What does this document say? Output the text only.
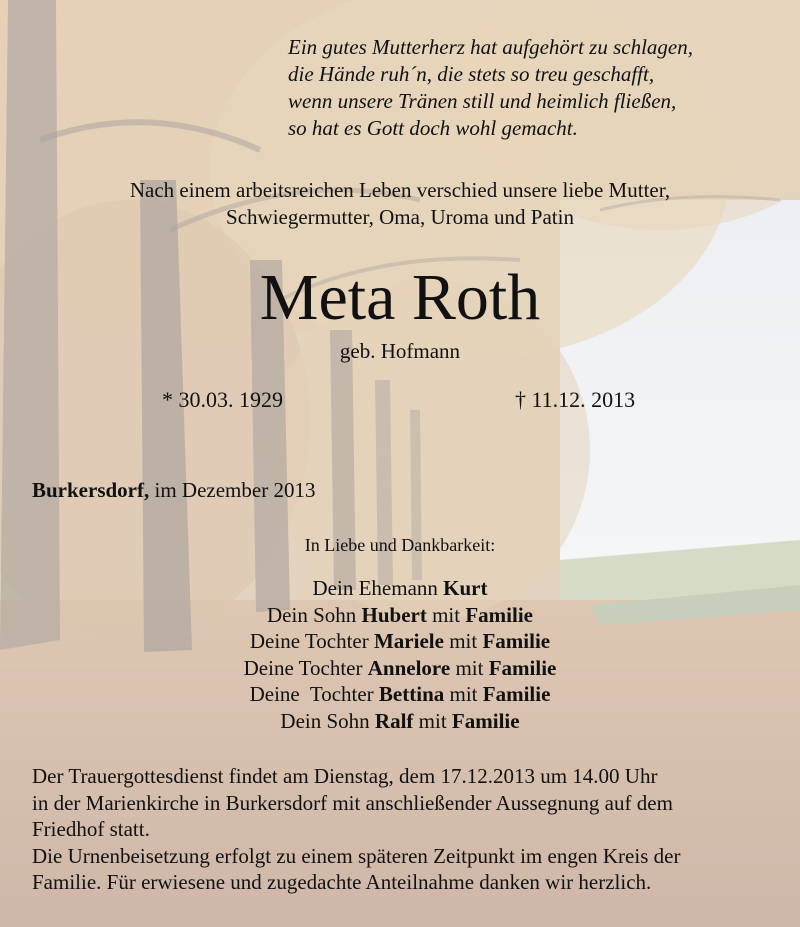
Ein gutes Mutterherz hat aufgehört zu schlagen,
die Hände ruh´n, die stets so treu geschafft,
wenn unsere Tränen still und heimlich fließen,
so hat es Gott doch wohl gemacht.
Nach einem arbeitsreichen Leben verschied unsere liebe Mutter,
Schwiegermutter, Oma, Uroma und Patin
Meta Roth
geb. Hofmann
* 30.03. 1929	† 11.12. 2013
Burkersdorf, im Dezember 2013
In Liebe und Dankbarkeit:
Dein Ehemann Kurt
Dein Sohn Hubert mit Familie
Deine Tochter Mariele mit Familie
Deine Tochter Annelore mit Familie
Deine  Tochter Bettina mit Familie
Dein Sohn Ralf mit Familie
Der Trauergottesdienst findet am Dienstag, dem 17.12.2013 um 14.00 Uhr
in der Marienkirche in Burkersdorf mit anschließender Aussegnung auf dem
Friedhof statt.
Die Urnenbeisetzung erfolgt zu einem späteren Zeitpunkt im engen Kreis der
Familie. Für erwiesene und zugedachte Anteilnahme danken wir herzlich.
